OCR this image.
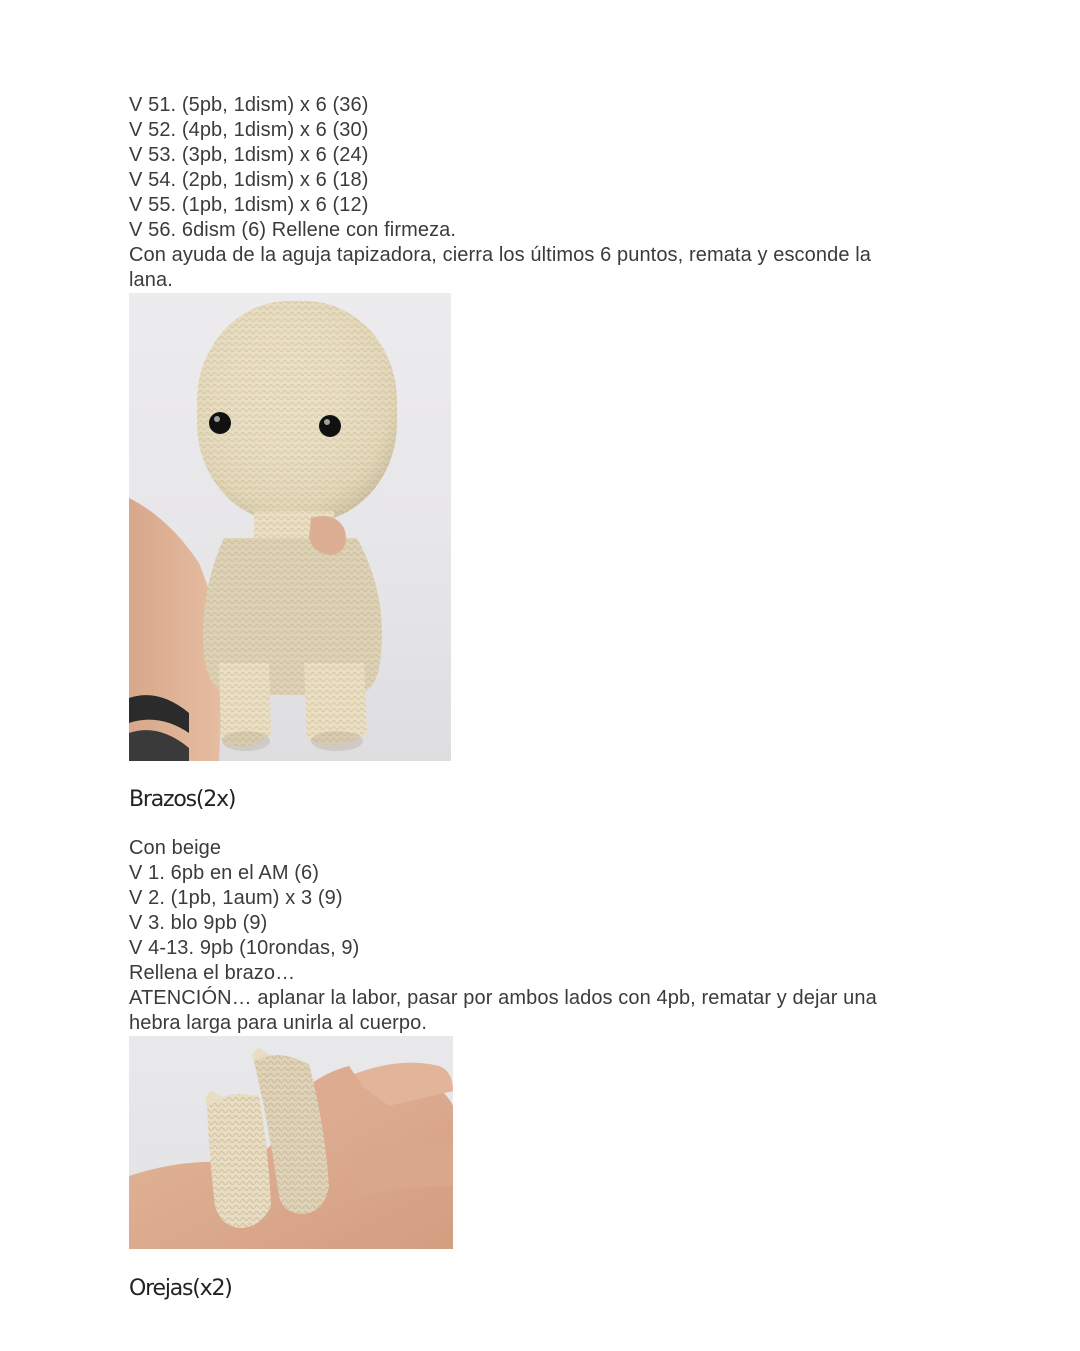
V 51. (5pb, 1dism) x 6 (36)
V 52. (4pb, 1dism) x 6 (30)
V 53. (3pb, 1dism) x 6 (24)
V 54. (2pb, 1dism) x 6 (18)
V 55. (1pb, 1dism) x 6 (12)
V 56. 6dism (6) Rellene con firmeza.
Con ayuda de la aguja tapizadora, cierra los últimos 6 puntos, remata y esconde la
lana.
Brazos(2x)
Con beige
V 1. 6pb en el AM (6)
V 2. (1pb, 1aum) x 3 (9)
V 3. blo 9pb (9)
V 4-13. 9pb (10rondas, 9)
Rellena el brazo…
ATENCIÓN… aplanar la labor, pasar por ambos lados con 4pb, rematar y dejar una
hebra larga para unirla al cuerpo.
Orejas(x2)
